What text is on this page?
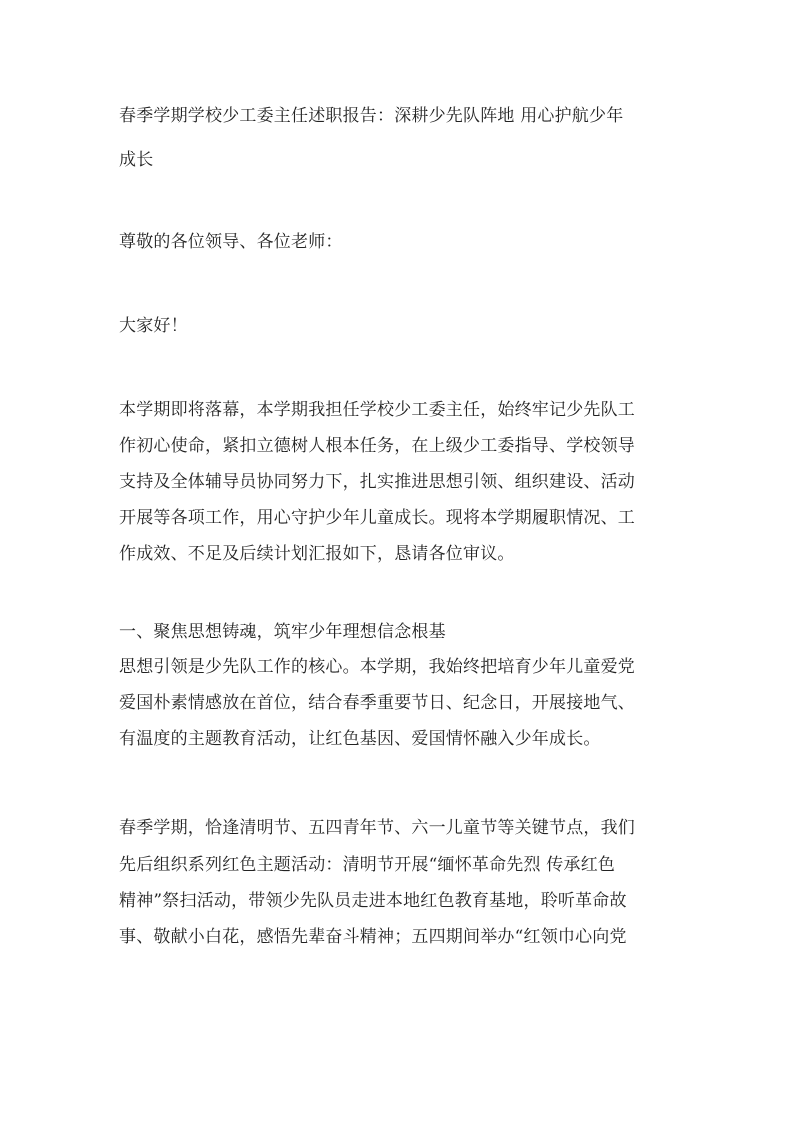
春季学期学校少工委主任述职报告：深耕少先队阵地 用心护航少年
成长
尊敬的各位领导、各位老师：
大家好！
本学期即将落幕，本学期我担任学校少工委主任，始终牢记少先队工
作初心使命，紧扣立德树人根本任务，在上级少工委指导、学校领导
支持及全体辅导员协同努力下，扎实推进思想引领、组织建设、活动
开展等各项工作，用心守护少年儿童成长。现将本学期履职情况、工
作成效、不足及后续计划汇报如下，恳请各位审议。
一、聚焦思想铸魂，筑牢少年理想信念根基
思想引领是少先队工作的核心。本学期，我始终把培育少年儿童爱党
爱国朴素情感放在首位，结合春季重要节日、纪念日，开展接地气、
有温度的主题教育活动，让红色基因、爱国情怀融入少年成长。
春季学期，恰逢清明节、五四青年节、六一儿童节等关键节点，我们
先后组织系列红色主题活动：清明节开展“缅怀革命先烈 传承红色
精神”祭扫活动，带领少先队员走进本地红色教育基地，聆听革命故
事、敬献小白花，感悟先辈奋斗精神；五四期间举办“红领巾心向党
